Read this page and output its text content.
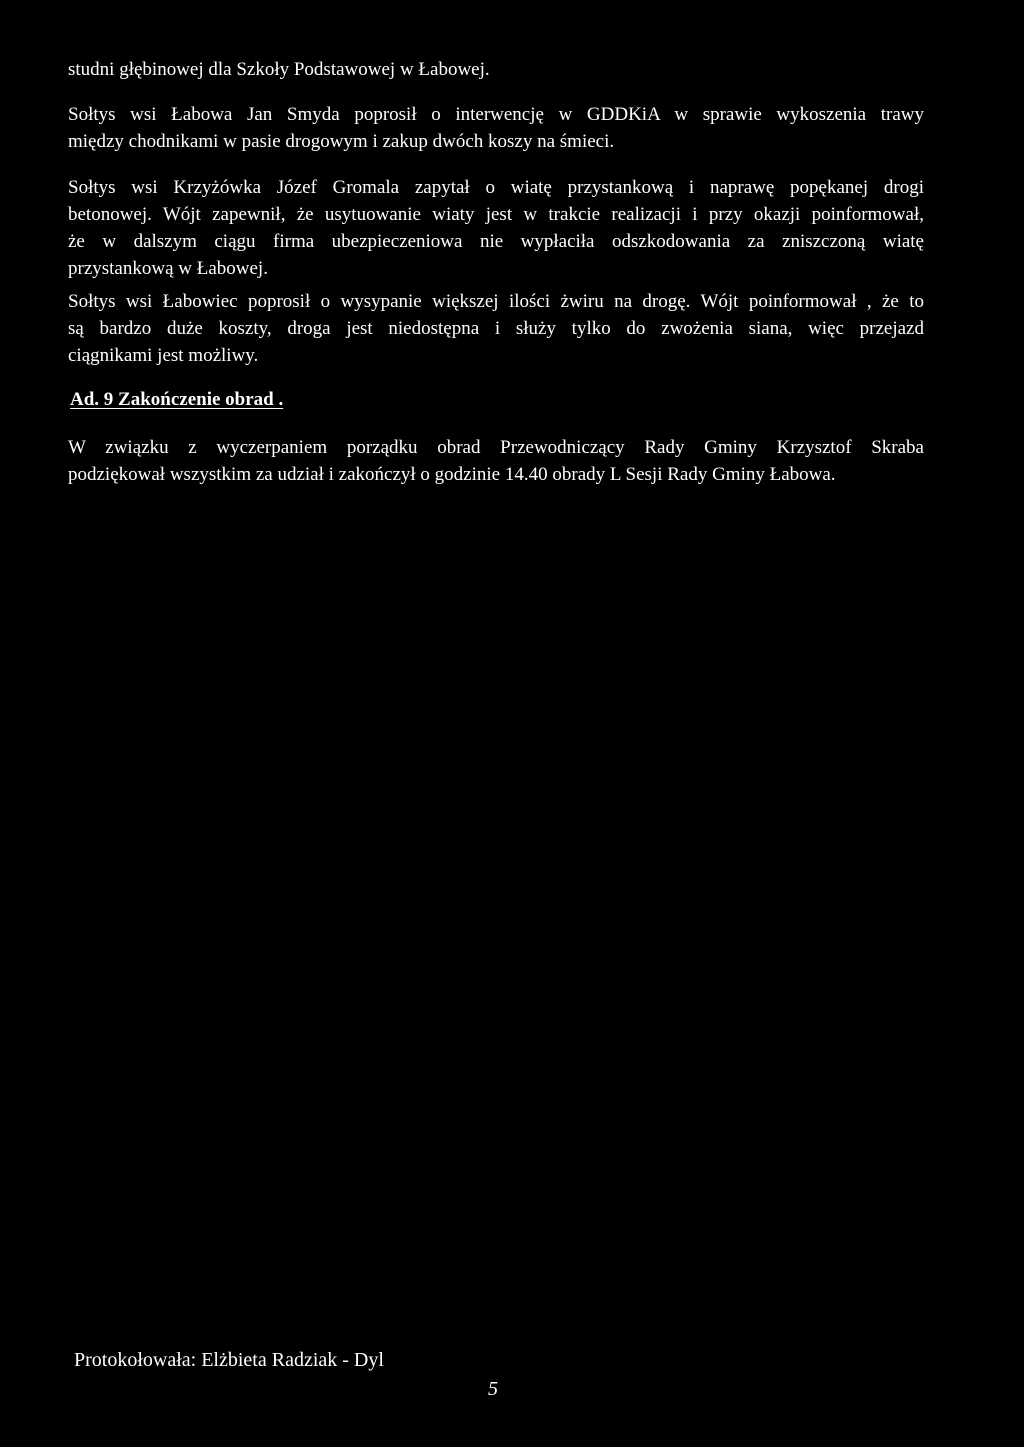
studni głębinowej dla Szkoły Podstawowej w Łabowej.

Sołtys wsi Łabowa Jan Smyda poprosił o interwencję w GDDKiA w sprawie wykoszenia trawy
między chodnikami w pasie drogowym i zakup dwóch koszy na śmieci.

Sołtys wsi Krzyżówka Józef Gromala zapytał o wiatę przystankową i naprawę popękanej drogi
betonowej. Wójt zapewnił, że usytuowanie wiaty jest w trakcie realizacji i przy okazji poinformował,
że w dalszym ciągu firma ubezpieczeniowa nie wypłaciła odszkodowania za zniszczoną wiatę
przystankową w Łabowej.

Sołtys wsi Łabowiec poprosił o wysypanie większej ilości żwiru na drogę. Wójt poinformował , że to
są bardzo duże koszty, droga jest niedostępna i służy tylko do zwożenia siana, więc przejazd
ciągnikami jest możliwy.

Ad. 9 Zakończenie obrad .

W związku z wyczerpaniem porządku obrad Przewodniczący Rady Gminy Krzysztof Skraba
podziękował wszystkim za udział i zakończył o godzinie 14.40 obrady L Sesji Rady Gminy Łabowa.

Protokołowała: Elżbieta Radziak - Dyl

5
